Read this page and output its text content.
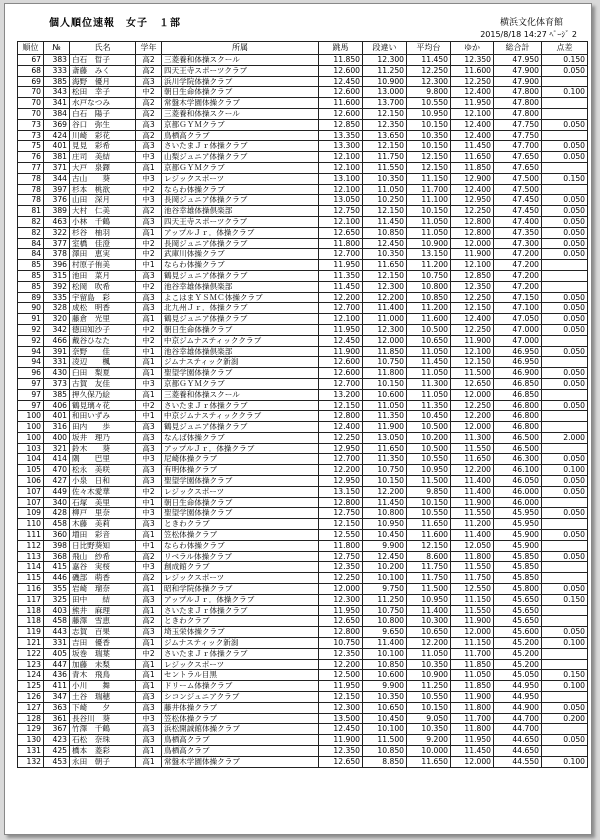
個人順位速報　女子　１部	横浜文化体育館
2015/8/18 14:27 ﾍﾟｰｼﾞ 2
順位	№	氏名	学年	所属	跳馬	段違い	平均台	ゆか	総合計	点差
67	383	白石　晢子	高2	三菱養和体操スクール	11.850	12.300	11.450	12.350	47.950	0.150
68	333	斎藤　みく	高2	四天王寺スポーツクラブ	12.600	11.250	12.250	11.600	47.900	0.050
69	385	海野　優月	高3	浜川学院体操クラブ	12.450	10.900	12.300	12.250	47.900	
70	343	松田　幸子	中2	朝日生命体操クラブ	12.600	13.000	9.800	12.400	47.800	0.100
70	341	水戸なつみ	高2	常盤木学園体操クラブ	11.600	13.700	10.550	11.950	47.800	
70	384	白石　陽子	高2	三菱養和体操スクール	12.600	12.150	10.950	12.100	47.800	
73	369	谷口　弥生	高3	京都ＧＹＭクラブ	12.850	12.350	10.150	12.400	47.750	0.050
73	424	川崎　彩花	高2	鳥栖高クラブ	13.350	13.650	10.350	12.400	47.750	
75	401	見見　彩希	高3	さいたまＪｒ体操クラブ	13.300	12.150	10.150	11.450	47.700	0.050
76	381	庄司　美結	中3	山梨ジュニア体操クラブ	12.100	11.750	12.150	11.650	47.650	0.050
77	371	大戸　泉鐸	高1	京都ＧＹＭクラブ	12.100	11.550	12.150	11.850	47.650	
78	344	古山　　葵	中3	レジックスポーツ	13.100	10.350	11.150	12.900	47.500	0.150
78	397	杉本　桃欲	中2	ならわ体操クラブ	12.100	11.050	11.700	12.400	47.500	
78	376	山田　深月	中3	長岡ジュニア体操クラブ	13.050	10.250	11.100	12.950	47.450	0.050
81	389	大村　仁美	高2	池谷幸雄体操倶楽部	12.750	12.150	10.150	12.250	47.450	0.050
82	463	小林　千鶴	高3	四天王寺スポーツクラブ	12.100	11.450	11.050	12.800	47.400	0.050
82	322	杉谷　柚羽	高1	アップルＪｒ．体操クラブ	12.650	10.850	11.050	12.800	47.350	0.050
84	377	室橋　佳澄	中2	長岡ジュニア体操クラブ	11.800	12.450	10.900	12.000	47.300	0.050
84	378	澤田　恵実	中2	武庫川体操クラブ	12.700	10.350	13.150	11.900	47.200	0.050
85	396	村原子侑美	中1	ならわ体操クラブ	11.950	11.650	11.200	12.100	47.200	
85	315	池田　菜月	高3	鶴見ジュニア体操クラブ	11.350	12.150	10.750	12.850	47.200	
85	392	松岡　吹希	中2	池谷幸雄体操倶楽部	11.450	12.300	10.800	12.350	47.200	
89	335	宇留島　彩	高3	よこはまＹＳＭＣ体操クラブ	12.200	12.200	10.850	12.250	47.150	0.050
90	328	成松　明香	高3	北九州Ｊｒ．体操クラブ	12.700	11.400	11.200	12.150	47.100	0.050
91	320	藤倉　光里	高1	鶴見ジュニア体操クラブ	12.100	11.000	11.600	12.400	47.050	0.050
92	342	徳田知沙子	中2	朝日生命体操クラブ	11.950	12.300	10.500	12.250	47.000	0.050
92	466	戴谷ひなた	中2	中京ジムナスティッククラブ	12.450	12.000	10.650	11.900	47.000	
94	391	奈野　　佳	中1	池谷幸雄体操倶楽部	11.900	11.850	11.050	12.100	46.950	0.050
94	331	凌辺　　楓	高1	ジムナスティック新潟	12.600	10.750	11.450	12.150	46.950	
96	430	臼田　梨夏	高1	聖望学園体操クラブ	12.600	11.800	11.050	11.500	46.900	0.050
97	373	古賀　友佳	中3	京都ＧＹＭクラブ	12.700	10.150	11.300	12.650	46.850	0.050
97	385	押久保乃絵	高1	三菱養和体操スクール	13.200	10.600	11.050	12.000	46.850	
97	406	鶴見璃々花	中2	さいたまＪｒ体操クラブ	12.150	11.050	11.350	12.250	46.800	0.050
100	401	和田いずみ	中1	中京ジムナスティッククラブ	12.800	11.350	10.450	12.200	46.800	
100	316	田内　　歩	高3	鶴見ジュニア体操クラブ	12.400	11.900	10.500	12.000	46.800	
100	400	坂井　理乃	高3	なんば体操クラブ	12.250	13.050	10.200	11.300	46.500	2.000
103	321	鈴木　　葵	高3	アップルＪｒ．体操クラブ	12.950	11.650	10.500	11.550	46.500	
104	414	隅　　巴里	中3	尼崎体操クラブ	12.700	11.350	10.550	11.650	46.300	0.050
105	470	松永　美咲	高3	有明体操クラブ	12.200	10.750	10.950	12.200	46.100	0.100
106	427	小泉　日和	高3	聖望学園体操クラブ	12.950	10.150	11.500	11.400	46.050	0.050
107	449	佐々木愛華	中2	レジックスポーツ	13.150	12.200	9.850	11.400	46.000	0.050
107	340	石塚　美里	中1	朝日生命体操クラブ	12.800	11.450	10.150	11.900	46.000	
109	428	柳戸　里奈	中3	聖望学園体操クラブ	12.750	10.800	10.550	11.550	45.950	0.050
110	458	木藤　美莉	高3	ときわクラブ	12.150	10.950	11.650	11.200	45.950	
111	360	増田　彩音	高1	笠松体操クラブ	12.550	10.450	11.600	11.400	45.900	0.050
112	398	日比野葵知	中1	ならわ体操クラブ	11.800	9.900	12.150	12.050	45.900	
113	368	飛山　紗希	高2	リベラル体操クラブ	12.750	12.450	8.600	11.800	45.850	0.050
114	415	嘉谷　実桜	中3	創成館クラブ	12.350	10.200	11.750	11.550	45.850	
115	446	磯部　萌香	高2	レジックスポーツ	12.250	10.100	11.750	11.750	45.850	
116	355	岩崎　瑠奈	高1	昭和学院体操クラブ	12.000	9.750	11.500	12.550	45.800	0.050
117	325	田中　　結	高3	アップルＪｒ．体操クラブ	12.300	11.250	10.950	11.150	45.650	0.150
118	403	熊井　麻理	高1	さいたまＪｒ体操クラブ	11.950	10.750	11.400	11.550	45.650	
118	458	藤澤　雪恵	高2	ときわクラブ	12.650	10.800	10.300	11.900	45.650	
119	443	志賀　百果	高3	埼玉栄体操クラブ	12.800	9.650	10.650	12.000	45.600	0.050
121	331	吉田　優香	高1	ジムナスティック新潟	10.750	11.400	12.200	11.150	45.200	0.100
122	405	坂巻　瑞葉	中2	さいたまＪｒ体操クラブ	12.350	10.100	11.050	11.700	45.200	
123	447	加藤　未梨	高1	レジックスポーツ	12.200	10.850	10.350	11.850	45.200	
124	436	青木　飛鳥	高1	セントラル目黒	12.500	10.600	10.900	11.050	45.050	0.150
125	411	小川　　舞	高1	ドリーム体操クラブ	11.950	9.900	11.250	11.850	44.950	0.100
126	347	土谷　瑞穂	高3	シコンジュニアクラブ	12.150	10.350	10.550	11.900	44.950	
127	363	下崎　　夕	高3	藤井体操クラブ	12.300	10.650	10.150	11.800	44.900	0.050
128	361	長谷川　葵	中3	笠松体操クラブ	13.500	10.450	9.050	11.700	44.700	0.200
129	367	竹澤　千鶴	高3	浜松開誠館体操クラブ	12.450	10.100	10.350	11.800	44.700	
130	423	石松　奈珠	高3	鳥栖高クラブ	11.900	11.500	9.200	11.950	44.650	0.050
131	425	橋本　菱彩	高1	鳥栖高クラブ	12.350	10.850	10.000	11.450	44.650	
132	453	永田　朝子	高1	常盤木学園体操クラブ	12.650	8.850	11.650	12.000	44.550	0.100
